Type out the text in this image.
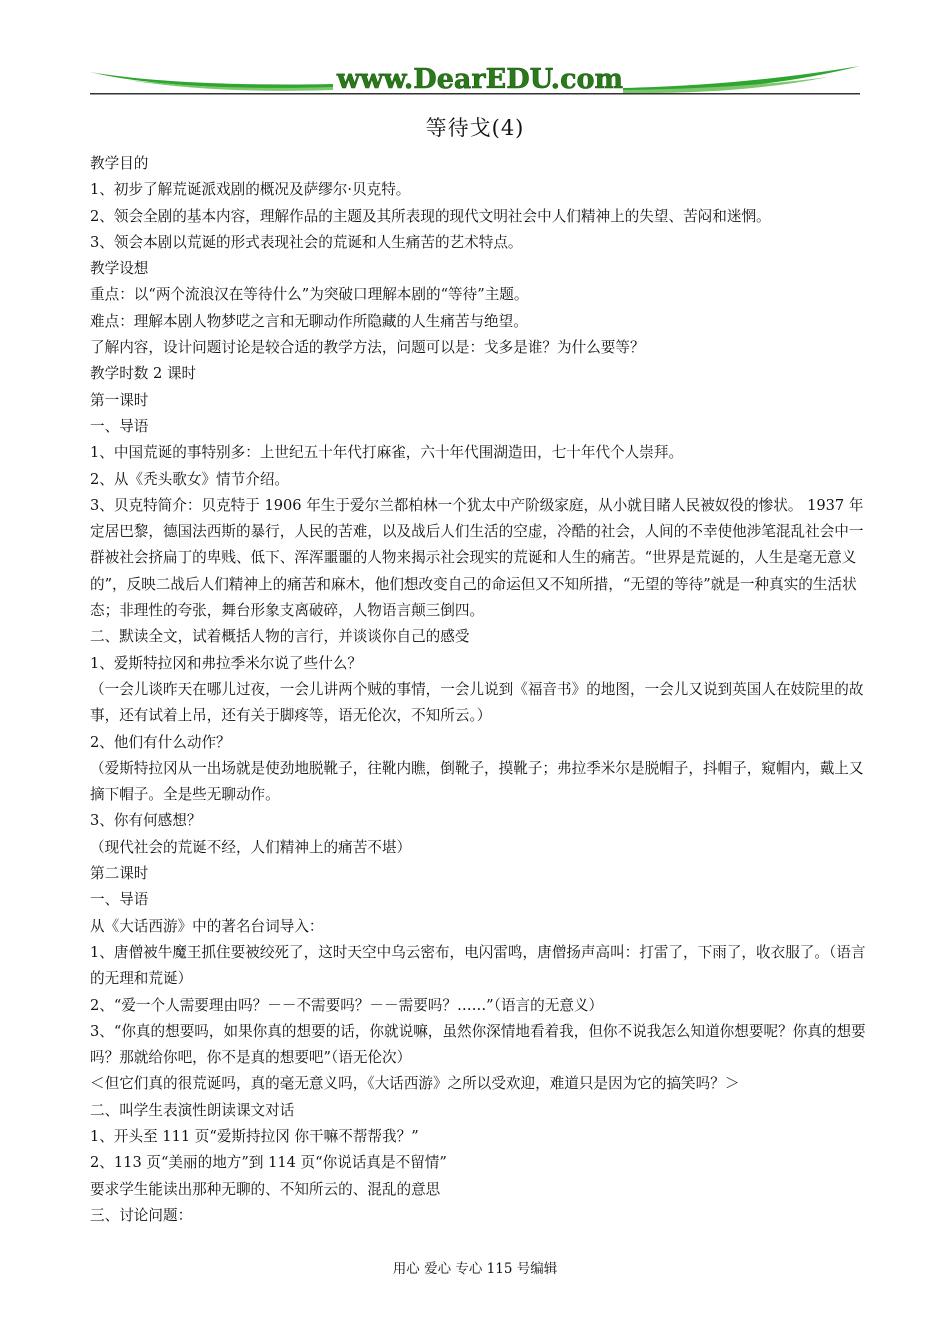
www.DearEDU.com
等待戈(4)

教学目的

1、初步了解荒诞派戏剧的概况及萨缪尔·贝克特。

2、领会全剧的基本内容，理解作品的主题及其所表现的现代文明社会中人们精神上的失望、苦闷和迷惘。

3、领会本剧以荒诞的形式表现社会的荒诞和人生痛苦的艺术特点。

教学设想

重点：以“两个流浪汉在等待什么”为突破口理解本剧的“等待”主题。

难点：理解本剧人物梦呓之言和无聊动作所隐藏的人生痛苦与绝望。

了解内容，设计问题讨论是较合适的教学方法，问题可以是：戈多是谁？为什么要等？

教学时数 2 课时

第一课时

一、导语

1、中国荒诞的事特别多：上世纪五十年代打麻雀，六十年代围湖造田，七十年代个人崇拜。

2、从《秃头歌女》情节介绍。

3、贝克特简介：贝克特于 1906 年生于爱尔兰都柏林一个犹太中产阶级家庭，从小就目睹人民被奴役的惨状。 1937 年定居巴黎，德国法西斯的暴行，人民的苦难，以及战后人们生活的空虚，冷酷的社会，人间的不幸使他涉笔混乱社会中一群被社会挤扁丁的卑贱、低下、浑浑噩噩的人物来揭示社会现实的荒诞和人生的痛苦。“世界是荒诞的，人生是毫无意义的”，反映二战后人们精神上的痛苦和麻木，他们想改变自己的命运但又不知所措，“无望的等待”就是一种真实的生活状态；非理性的夸张，舞台形象支离破碎，人物语言颠三倒四。

二、默读全文，试着概括人物的言行，并谈谈你自己的感受

1、爱斯特拉冈和弗拉季米尔说了些什么？

（一会儿谈昨天在哪儿过夜，一会儿讲两个贼的事情，一会儿说到《福音书》的地图，一会儿又说到英国人在妓院里的故事，还有试着上吊，还有关于脚疼等，语无伦次，不知所云。）

2、他们有什么动作？

（爱斯特拉冈从一出场就是使劲地脱靴子，往靴内瞧，倒靴子，摸靴子；弗拉季米尔是脱帽子，抖帽子，窥帽内，戴上又摘下帽子。全是些无聊动作。

3、你有何感想？

（现代社会的荒诞不经，人们精神上的痛苦不堪）

第二课时

一、导语

从《大话西游》中的著名台词导入：

1、唐僧被牛魔王抓住要被绞死了，这时天空中乌云密布，电闪雷鸣，唐僧扬声高叫：打雷了，下雨了，收衣服了。（语言的无理和荒诞）

2、“爱一个人需要理由吗？－－不需要吗？－－需要吗？……”（语言的无意义）

3、“你真的想要吗，如果你真的想要的话，你就说嘛，虽然你深情地看着我，但你不说我怎么知道你想要呢？你真的想要吗？那就给你吧，你不是真的想要吧”（语无伦次）

＜但它们真的很荒诞吗，真的毫无意义吗，《大话西游》之所以受欢迎，难道只是因为它的搞笑吗？＞

二、叫学生表演性朗读课文对话

1、开头至 111 页“爱斯持拉冈 你干嘛不帮帮我？”

2、113 页“美丽的地方”到 114 页“你说话真是不留情”

要求学生能读出那种无聊的、不知所云的、混乱的意思

三、讨论问题：

用心 爱心 专心 115 号编辑
